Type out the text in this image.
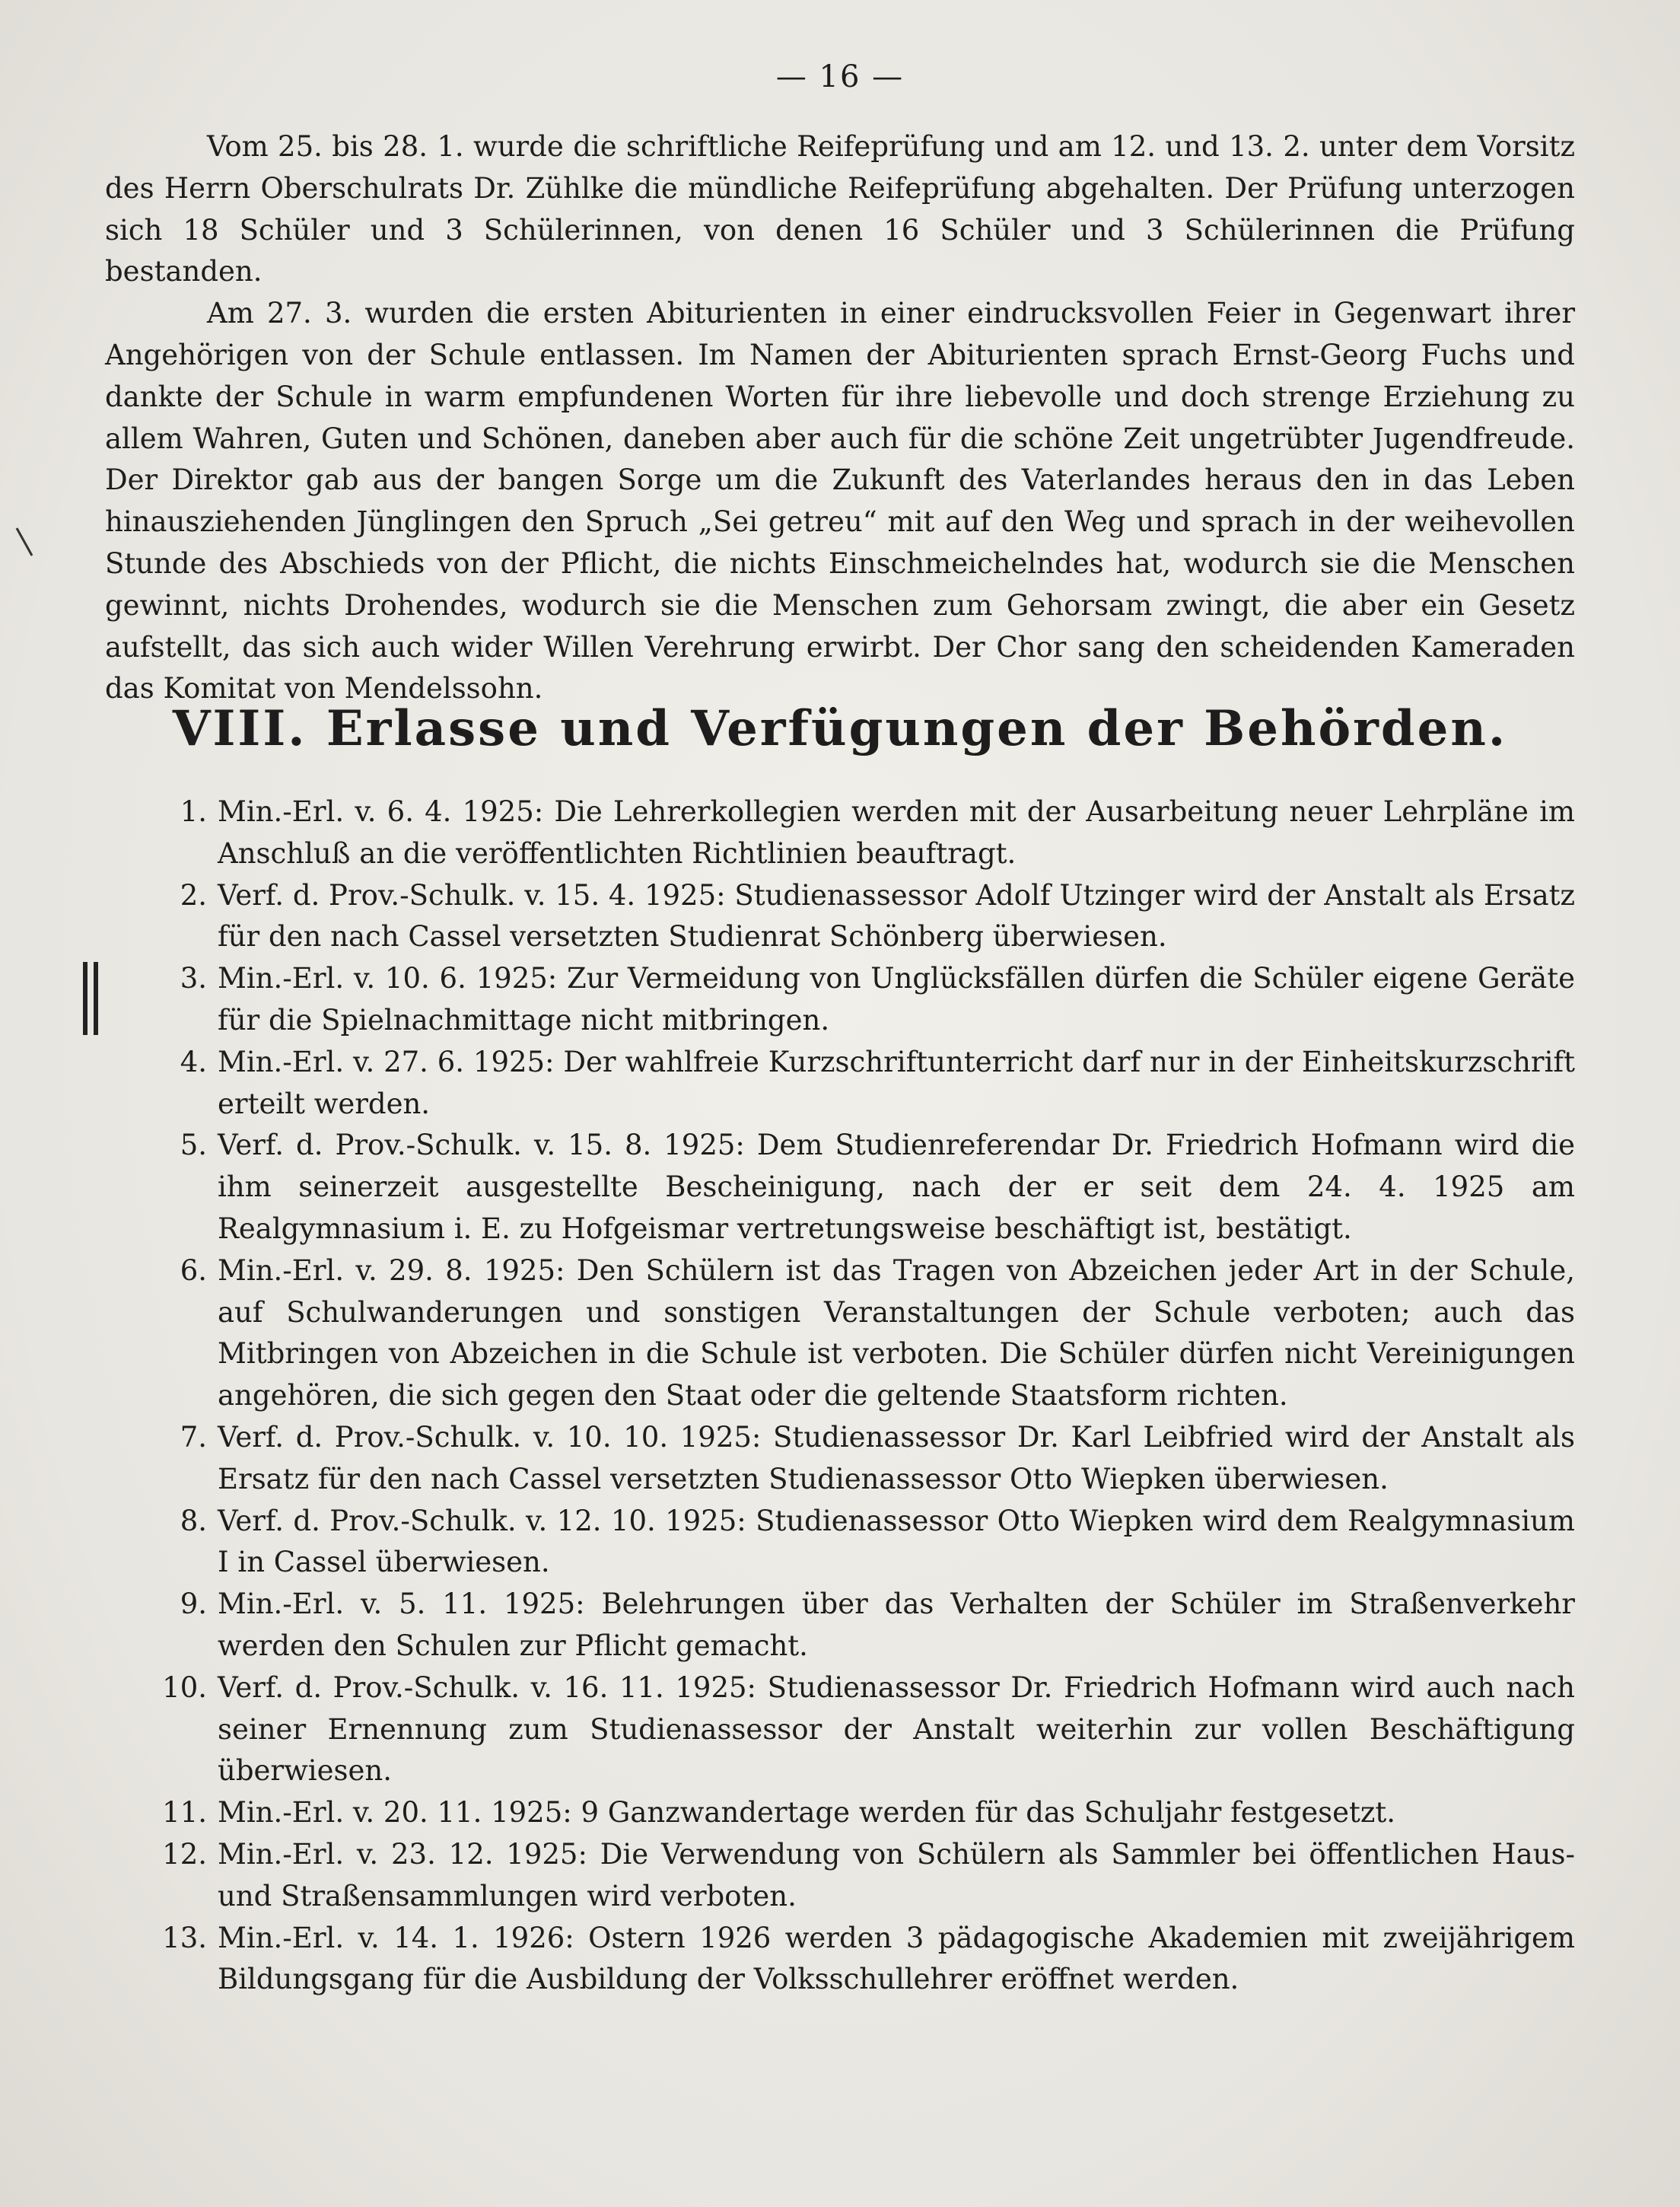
— 16 —

Vom 25. bis 28. 1. wurde die schriftliche Reifeprüfung und am 12. und 13. 2. unter dem Vorsitz des Herrn Oberschulrats Dr. Zühlke die mündliche Reifeprüfung abgehalten. Der Prüfung unterzogen sich 18 Schüler und 3 Schülerinnen, von denen 16 Schüler und 3 Schülerinnen die Prüfung bestanden.

Am 27. 3. wurden die ersten Abiturienten in einer eindrucksvollen Feier in Gegenwart ihrer Angehörigen von der Schule entlassen. Im Namen der Abiturienten sprach Ernst-Georg Fuchs und dankte der Schule in warm empfundenen Worten für ihre liebevolle und doch strenge Erziehung zu allem Wahren, Guten und Schönen, daneben aber auch für die schöne Zeit ungetrübter Jugendfreude. Der Direktor gab aus der bangen Sorge um die Zukunft des Vaterlandes heraus den in das Leben hinausziehenden Jünglingen den Spruch „Sei getreu“ mit auf den Weg und sprach in der weihevollen Stunde des Abschieds von der Pflicht, die nichts Einschmeichelndes hat, wodurch sie die Menschen gewinnt, nichts Drohendes, wodurch sie die Menschen zum Gehorsam zwingt, die aber ein Gesetz aufstellt, das sich auch wider Willen Verehrung erwirbt. Der Chor sang den scheidenden Kameraden das Komitat von Mendelssohn.

VIII. Erlasse und Verfügungen der Behörden.
1. Min.-Erl. v. 6. 4. 1925: Die Lehrerkollegien werden mit der Ausarbeitung neuer Lehrpläne im Anschluß an die veröffentlichten Richtlinien beauftragt.
2. Verf. d. Prov.-Schulk. v. 15. 4. 1925: Studienassessor Adolf Utzinger wird der Anstalt als Ersatz für den nach Cassel versetzten Studienrat Schönberg überwiesen.
3. Min.-Erl. v. 10. 6. 1925: Zur Vermeidung von Unglücksfällen dürfen die Schüler eigene Geräte für die Spielnachmittage nicht mitbringen.
4. Min.-Erl. v. 27. 6. 1925: Der wahlfreie Kurzschriftunterricht darf nur in der Einheitskurzschrift erteilt werden.
5. Verf. d. Prov.-Schulk. v. 15. 8. 1925: Dem Studienreferendar Dr. Friedrich Hofmann wird die ihm seinerzeit ausgestellte Bescheinigung, nach der er seit dem 24. 4. 1925 am Realgymnasium i. E. zu Hofgeismar vertretungsweise beschäftigt ist, bestätigt.
6. Min.-Erl. v. 29. 8. 1925: Den Schülern ist das Tragen von Abzeichen jeder Art in der Schule, auf Schulwanderungen und sonstigen Veranstaltungen der Schule verboten; auch das Mitbringen von Abzeichen in die Schule ist verboten. Die Schüler dürfen nicht Vereinigungen angehören, die sich gegen den Staat oder die geltende Staatsform richten.
7. Verf. d. Prov.-Schulk. v. 10. 10. 1925: Studienassessor Dr. Karl Leibfried wird der Anstalt als Ersatz für den nach Cassel versetzten Studienassessor Otto Wiepken überwiesen.
8. Verf. d. Prov.-Schulk. v. 12. 10. 1925: Studienassessor Otto Wiepken wird dem Realgymnasium I in Cassel überwiesen.
9. Min.-Erl. v. 5. 11. 1925: Belehrungen über das Verhalten der Schüler im Straßenverkehr werden den Schulen zur Pflicht gemacht.
10. Verf. d. Prov.-Schulk. v. 16. 11. 1925: Studienassessor Dr. Friedrich Hofmann wird auch nach seiner Ernennung zum Studienassessor der Anstalt weiterhin zur vollen Beschäftigung überwiesen.
11. Min.-Erl. v. 20. 11. 1925: 9 Ganzwandertage werden für das Schuljahr festgesetzt.
12. Min.-Erl. v. 23. 12. 1925: Die Verwendung von Schülern als Sammler bei öffentlichen Haus- und Straßensammlungen wird verboten.
13. Min.-Erl. v. 14. 1. 1926: Ostern 1926 werden 3 pädagogische Akademien mit zweijährigem Bildungsgang für die Ausbildung der Volksschullehrer eröffnet werden.
